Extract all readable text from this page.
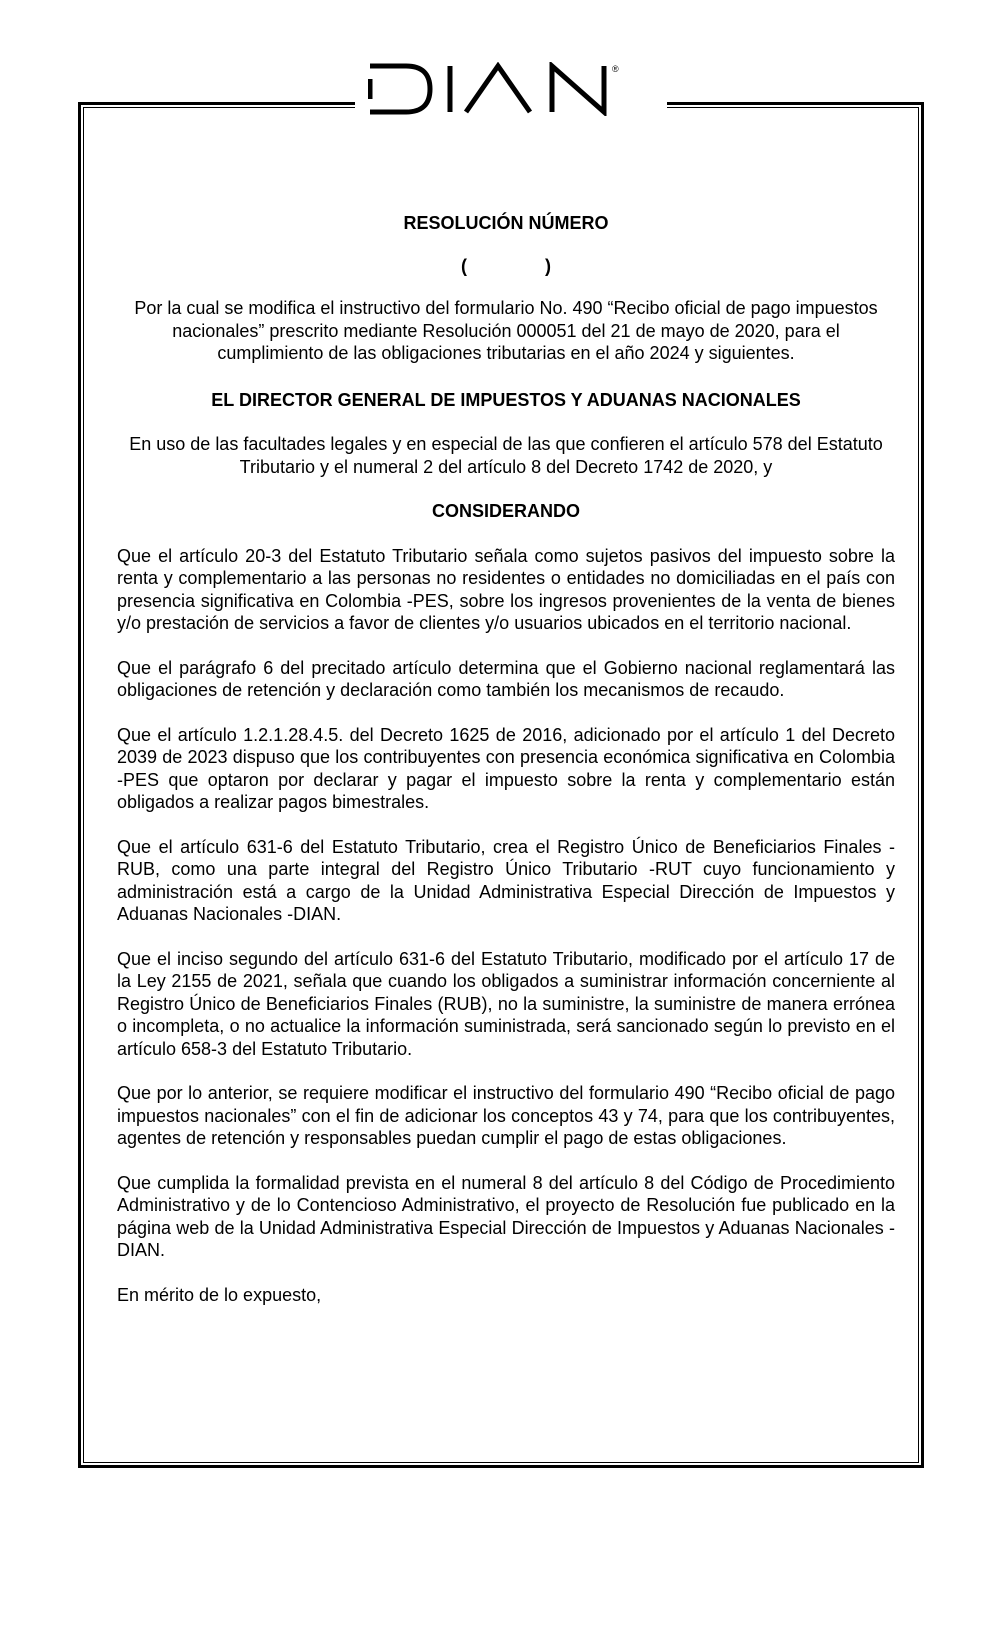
®

RESOLUCIÓN NÚMERO

(	)

Por la cual se modifica el instructivo del formulario No. 490 “Recibo oficial de pago impuestos nacionales” prescrito mediante Resolución 000051 del 21 de mayo de 2020, para el cumplimiento de las obligaciones tributarias en el año 2024 y siguientes.

EL DIRECTOR GENERAL DE IMPUESTOS Y ADUANAS NACIONALES

En uso de las facultades legales y en especial de las que confieren el artículo 578 del Estatuto Tributario y el numeral 2 del artículo 8 del Decreto 1742 de 2020, y

CONSIDERANDO

Que el artículo 20-3 del Estatuto Tributario señala como sujetos pasivos del impuesto sobre la renta y complementario a las personas no residentes o entidades no domiciliadas en el país con presencia significativa en Colombia -PES, sobre los ingresos provenientes de la venta de bienes y/o prestación de servicios a favor de clientes y/o usuarios ubicados en el territorio nacional.

Que el parágrafo 6 del precitado artículo determina que el Gobierno nacional reglamentará las obligaciones de retención y declaración como también los mecanismos de recaudo.

Que el artículo 1.2.1.28.4.5. del Decreto 1625 de 2016, adicionado por el artículo 1 del Decreto 2039 de 2023 dispuso que los contribuyentes con presencia económica significativa en Colombia -PES que optaron por declarar y pagar el impuesto sobre la renta y complementario están obligados a realizar pagos bimestrales.

Que el artículo 631-6 del Estatuto Tributario, crea el Registro Único de Beneficiarios Finales -RUB, como una parte integral del Registro Único Tributario -RUT cuyo funcionamiento y administración está a cargo de la Unidad Administrativa Especial Dirección de Impuestos y Aduanas Nacionales -DIAN.

Que el inciso segundo del artículo 631-6 del Estatuto Tributario, modificado por el artículo 17 de la Ley 2155 de 2021, señala que cuando los obligados a suministrar información concerniente al Registro Único de Beneficiarios Finales (RUB), no la suministre, la suministre de manera errónea o incompleta, o no actualice la información suministrada, será sancionado según lo previsto en el artículo 658-3 del Estatuto Tributario.

Que por lo anterior, se requiere modificar el instructivo del formulario 490 “Recibo oficial de pago impuestos nacionales” con el fin de adicionar los conceptos 43 y 74, para que los contribuyentes, agentes de retención y responsables puedan cumplir el pago de estas obligaciones.

Que cumplida la formalidad prevista en el numeral 8 del artículo 8 del Código de Procedimiento Administrativo y de lo Contencioso Administrativo, el proyecto de Resolución fue publicado en la página web de la Unidad Administrativa Especial Dirección de Impuestos y Aduanas Nacionales -DIAN.

En mérito de lo expuesto,
